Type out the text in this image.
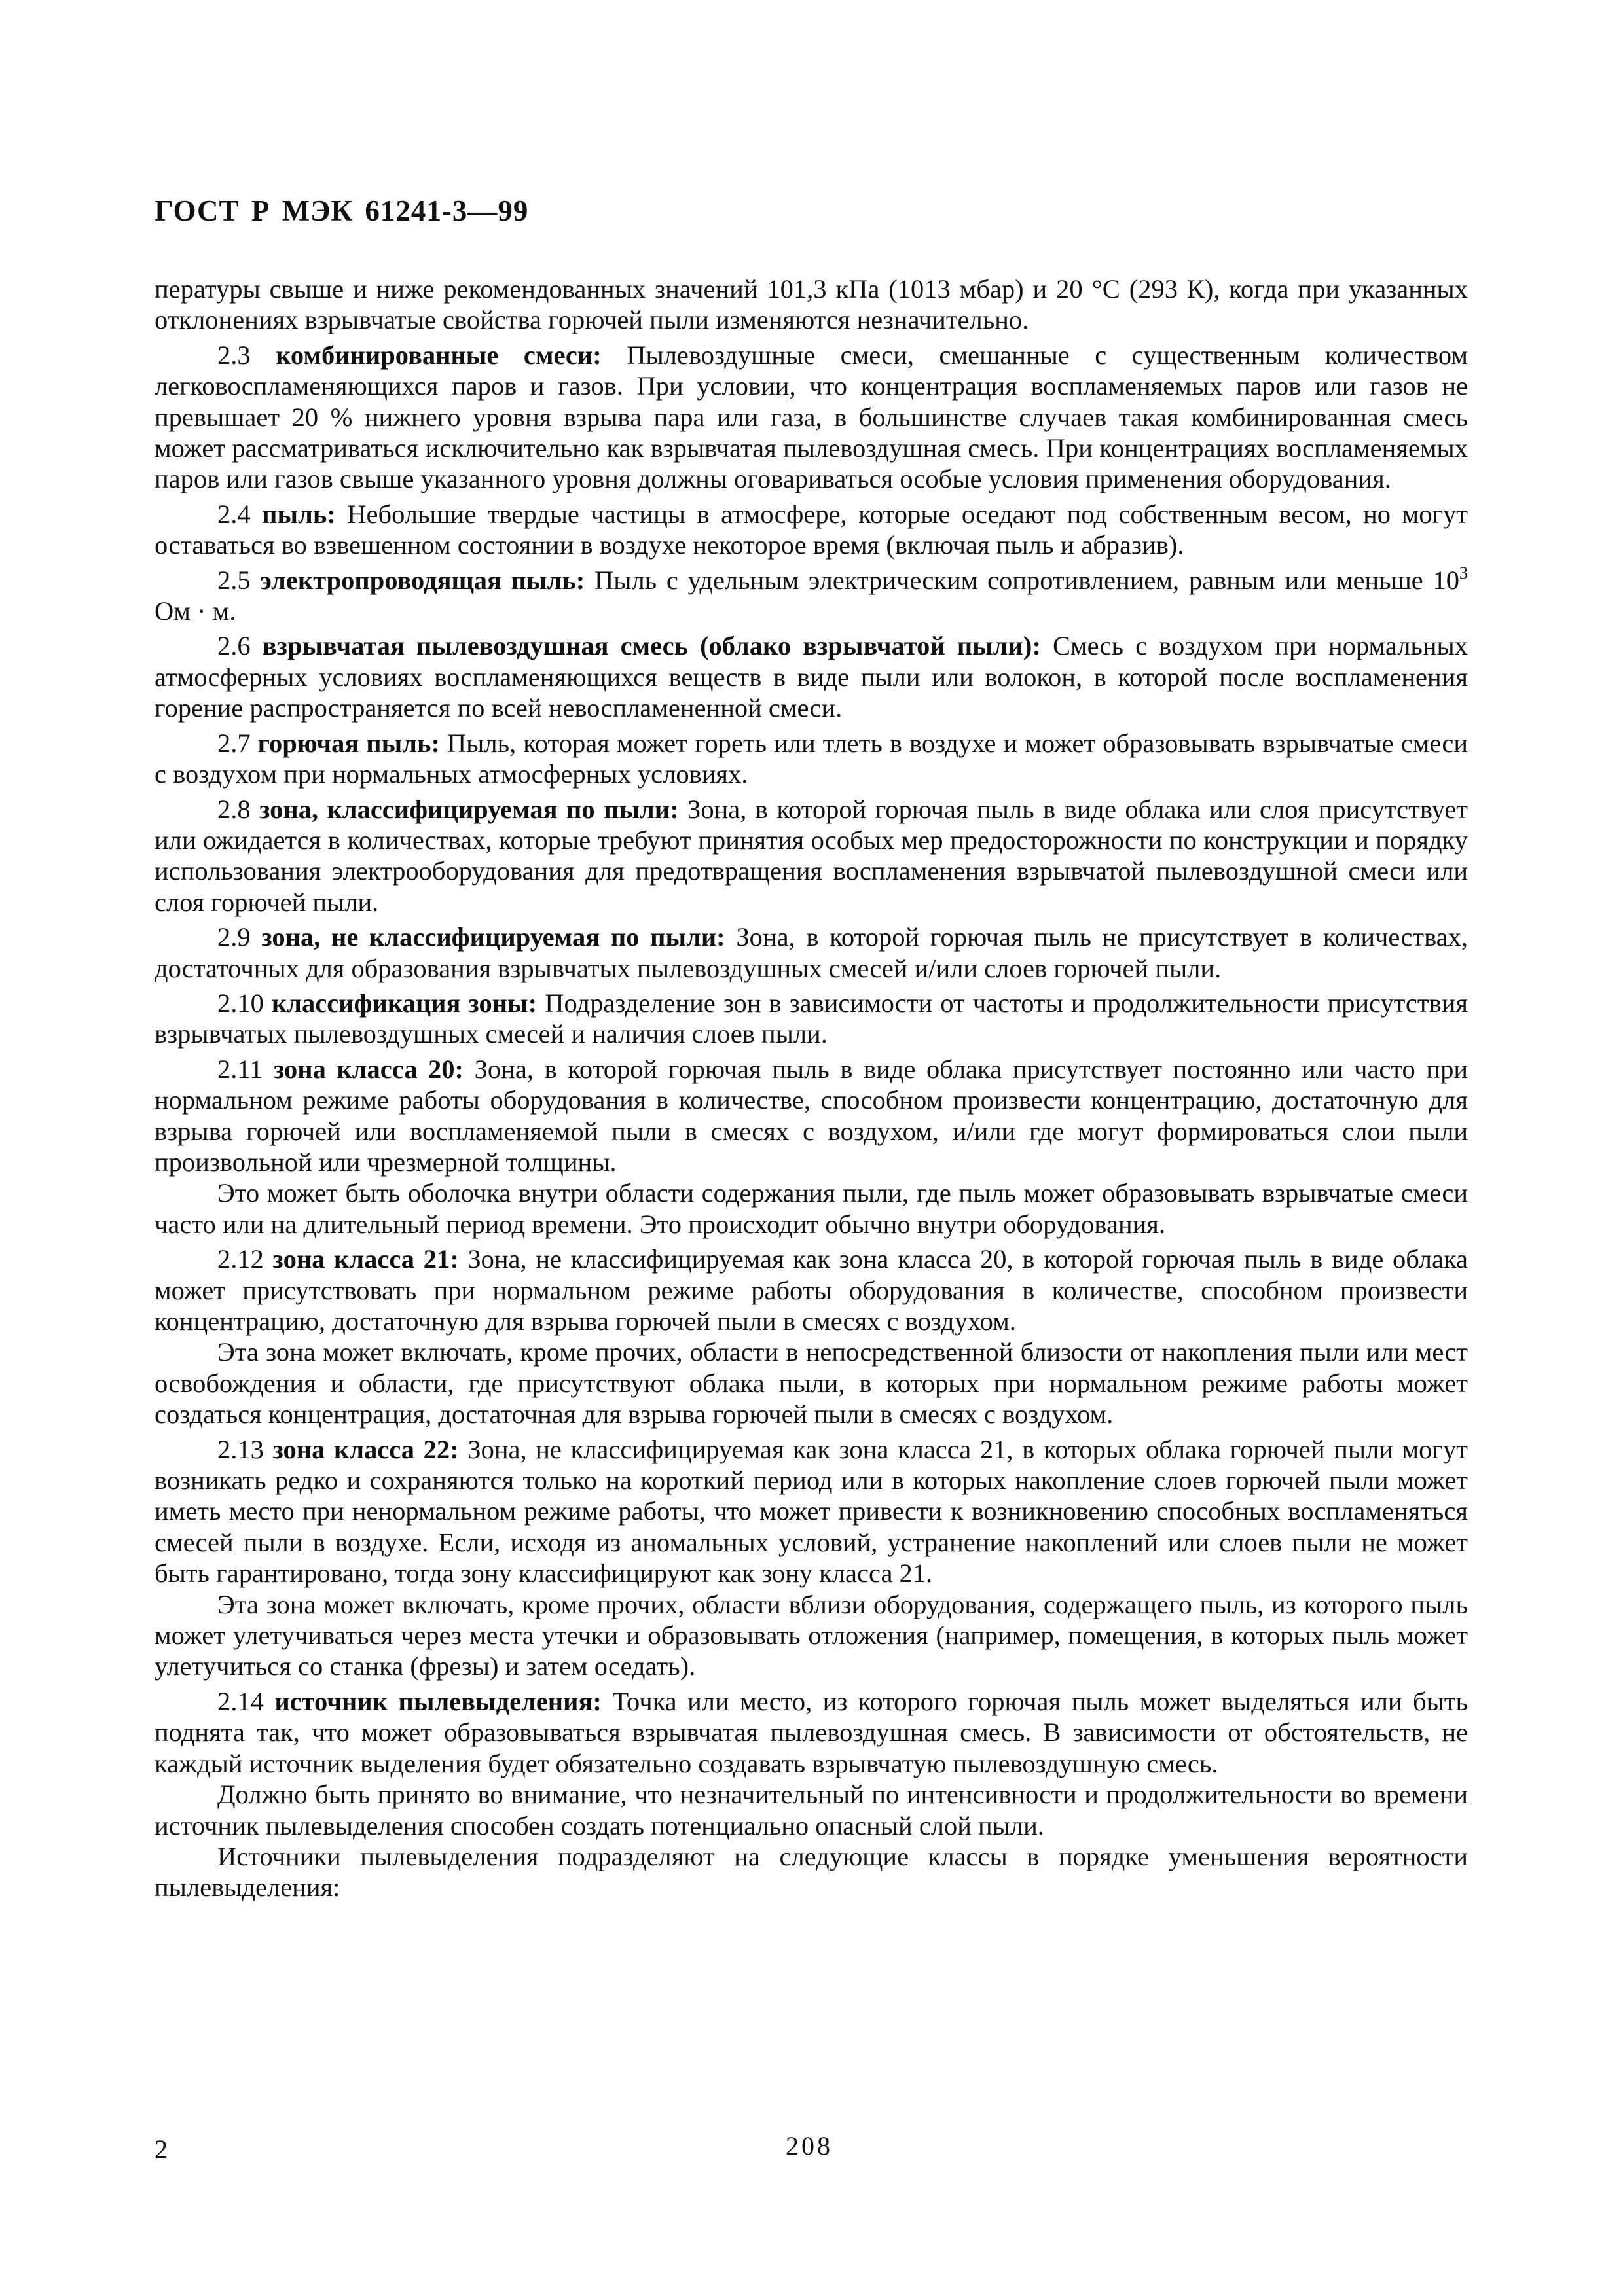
ГОСТ Р МЭК 61241-3—99

пературы свыше и ниже рекомендованных значений 101,3 кПа (1013 мбар) и 20 °С (293 К), когда при указанных отклонениях взрывчатые свойства горючей пыли изменяются незначительно.

2.3 комбинированные смеси: Пылевоздушные смеси, смешанные с существенным количеством легковоспламеняющихся паров и газов. При условии, что концентрация воспламеняемых паров или газов не превышает 20 % нижнего уровня взрыва пара или газа, в большинстве случаев такая комбинированная смесь может рассматриваться исключительно как взрывчатая пылевоздушная смесь. При концентрациях воспламеняемых паров или газов свыше указанного уровня должны оговариваться особые условия применения оборудования.

2.4 пыль: Небольшие твердые частицы в атмосфере, которые оседают под собственным весом, но могут оставаться во взвешенном состоянии в воздухе некоторое время (включая пыль и абразив).

2.5 электропроводящая пыль: Пыль с удельным электрическим сопротивлением, равным или меньше $10^3$ Ом · м.

2.6 взрывчатая пылевоздушная смесь (облако взрывчатой пыли): Смесь с воздухом при нормальных атмосферных условиях воспламеняющихся веществ в виде пыли или волокон, в которой после воспламенения горение распространяется по всей невоспламененной смеси.

2.7 горючая пыль: Пыль, которая может гореть или тлеть в воздухе и может образовывать взрывчатые смеси с воздухом при нормальных атмосферных условиях.

2.8 зона, классифицируемая по пыли: Зона, в которой горючая пыль в виде облака или слоя присутствует или ожидается в количествах, которые требуют принятия особых мер предосторожности по конструкции и порядку использования электрооборудования для предотвращения воспламенения взрывчатой пылевоздушной смеси или слоя горючей пыли.

2.9 зона, не классифицируемая по пыли: Зона, в которой горючая пыль не присутствует в количествах, достаточных для образования взрывчатых пылевоздушных смесей и/или слоев горючей пыли.

2.10 классификация зоны: Подразделение зон в зависимости от частоты и продолжительности присутствия взрывчатых пылевоздушных смесей и наличия слоев пыли.

2.11 зона класса 20: Зона, в которой горючая пыль в виде облака присутствует постоянно или часто при нормальном режиме работы оборудования в количестве, способном произвести концентрацию, достаточную для взрыва горючей или воспламеняемой пыли в смесях с воздухом, и/или где могут формироваться слои пыли произвольной или чрезмерной толщины.

Это может быть оболочка внутри области содержания пыли, где пыль может образовывать взрывчатые смеси часто или на длительный период времени. Это происходит обычно внутри оборудования.

2.12 зона класса 21: Зона, не классифицируемая как зона класса 20, в которой горючая пыль в виде облака может присутствовать при нормальном режиме работы оборудования в количестве, способном произвести концентрацию, достаточную для взрыва горючей пыли в смесях с воздухом.

Эта зона может включать, кроме прочих, области в непосредственной близости от накопления пыли или мест освобождения и области, где присутствуют облака пыли, в которых при нормальном режиме работы может создаться концентрация, достаточная для взрыва горючей пыли в смесях с воздухом.

2.13 зона класса 22: Зона, не классифицируемая как зона класса 21, в которых облака горючей пыли могут возникать редко и сохраняются только на короткий период или в которых накопление слоев горючей пыли может иметь место при ненормальном режиме работы, что может привести к возникновению способных воспламеняться смесей пыли в воздухе. Если, исходя из аномальных условий, устранение накоплений или слоев пыли не может быть гарантировано, тогда зону классифицируют как зону класса 21.

Эта зона может включать, кроме прочих, области вблизи оборудования, содержащего пыль, из которого пыль может улетучиваться через места утечки и образовывать отложения (например, помещения, в которых пыль может улетучиться со станка (фрезы) и затем оседать).

2.14 источник пылевыделения: Точка или место, из которого горючая пыль может выделяться или быть поднята так, что может образовываться взрывчатая пылевоздушная смесь. В зависимости от обстоятельств, не каждый источник выделения будет обязательно создавать взрывчатую пылевоздушную смесь.

Должно быть принято во внимание, что незначительный по интенсивности и продолжительности во времени источник пылевыделения способен создать потенциально опасный слой пыли.

Источники пылевыделения подразделяют на следующие классы в порядке уменьшения вероятности пылевыделения:

2	208
